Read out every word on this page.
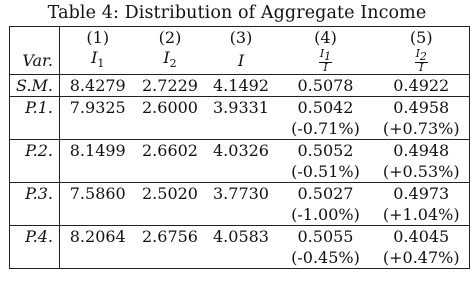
Table 4: Distribution of Aggregate Income
	(1)	(2)	(3)	(4)	(5)
Var.	$I_1$	$I_2$	I	$\frac{I_1}{I}$	$\frac{I_2}{I}$

S.M.	8.4279	2.7229	4.1492	0.5078	0.4922
P.1.	7.9325	2.6000	3.9331	0.5042	0.4958
				(-0.71%)	(+0.73%)
P.2.	8.1499	2.6602	4.0326	0.5052	0.4948
				(-0.51%)	(+0.53%)
P.3.	7.5860	2.5020	3.7730	0.5027	0.4973
				(-1.00%)	(+1.04%)
P.4.	8.2064	2.6756	4.0583	0.5055	0.4045
				(-0.45%)	(+0.47%)
